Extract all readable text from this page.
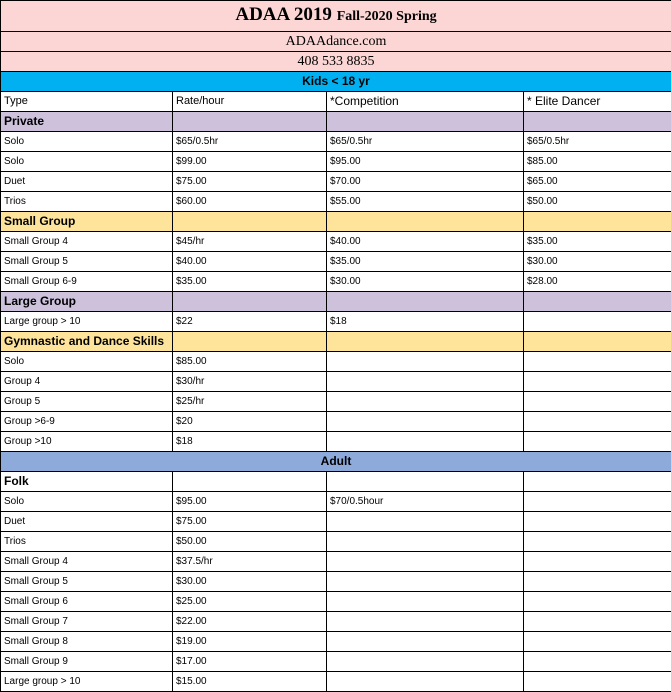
ADAA 2019 Fall-2020 Spring			
ADAAdance.com			
408 533 8835			
Kids < 18 yr			
Type	Rate/hour	*Competition	* Elite Dancer
Private			
Solo	$65/0.5hr	$65/0.5hr	$65/0.5hr
Solo	$99.00	$95.00	$85.00
Duet	$75.00	$70.00	$65.00
Trios	$60.00	$55.00	$50.00
Small Group			
Small Group 4	$45/hr	$40.00	$35.00
Small Group 5	$40.00	$35.00	$30.00
Small Group 6-9	$35.00	$30.00	$28.00
Large Group			
Large group > 10	$22	$18	
Gymnastic and Dance Skills			
Solo	$85.00		
Group 4	$30/hr		
Group 5	$25/hr		
Group >6-9	$20		
Group >10	$18		
Adult			
Folk			
Solo	$95.00	$70/0.5hour	
Duet	$75.00		
Trios	$50.00		
Small Group 4	$37.5/hr		
Small Group 5	$30.00		
Small Group 6	$25.00		
Small Group 7	$22.00		
Small Group 8	$19.00		
Small Group 9	$17.00		
Large group > 10	$15.00		
